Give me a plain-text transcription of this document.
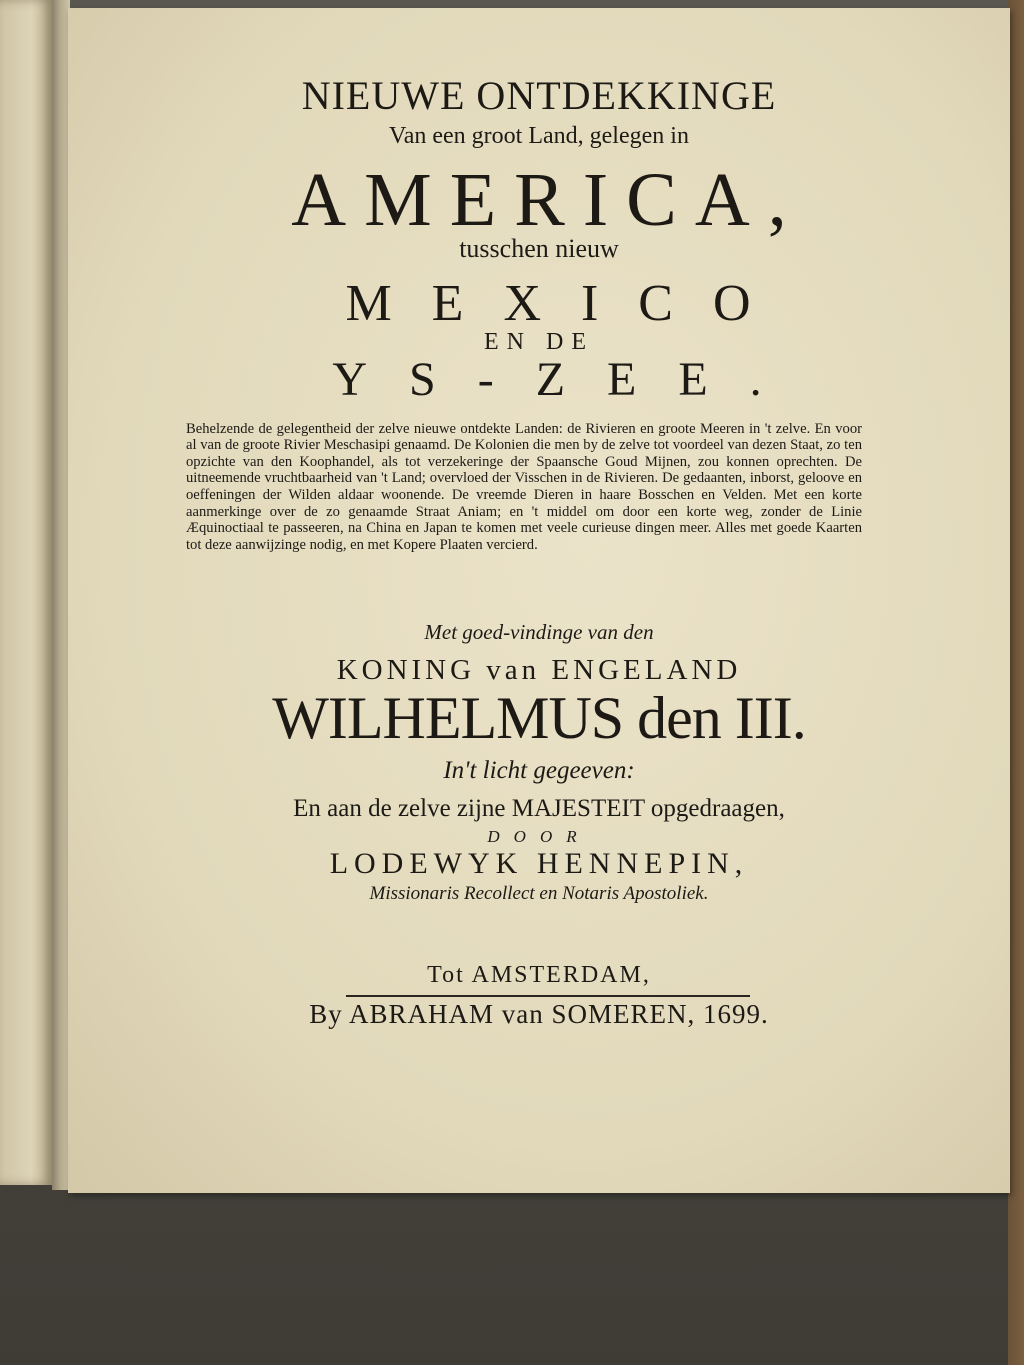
NIEUWE ONTDEKKINGE

Van een groot Land, gelegen in

AMERICA,

tusschen nieuw

MEXICO

EN DE

YS-ZEE.

Behelzende de gelegentheid der zelve nieuwe ontdekte Landen: de Rivieren en groote Meeren in 't zelve. En voor al van de groote Rivier Meschasipi genaamd. De Kolonien die men by de zelve tot voordeel van dezen Staat, zo ten opzichte van den Koophandel, als tot verzekeringe der Spaansche Goud Mijnen, zou konnen oprechten. De uitneemende vruchtbaarheid van 't Land; overvloed der Visschen in de Rivieren. De gedaanten, inborst, geloove en oeffeningen der Wilden aldaar woonende. De vreemde Dieren in haare Bosschen en Velden. Met een korte aanmerkinge over de zo genaamde Straat Aniam; en 't middel om door een korte weg, zonder de Linie Æquinoctiaal te passeeren, na China en Japan te komen met veele curieuse dingen meer. Alles met goede Kaarten tot deze aanwijzinge nodig, en met Kopere Plaaten vercierd.

Met goed-vindinge van den

KONING van ENGELAND

WILHELMUS den III.

In't licht gegeeven:

En aan de zelve zijne MAJESTEIT opgedraagen,

DOOR

LODEWYK HENNEPIN,

Missionaris Recollect en Notaris Apostoliek.

Tot AMSTERDAM,

By ABRAHAM van SOMEREN, 1699.
